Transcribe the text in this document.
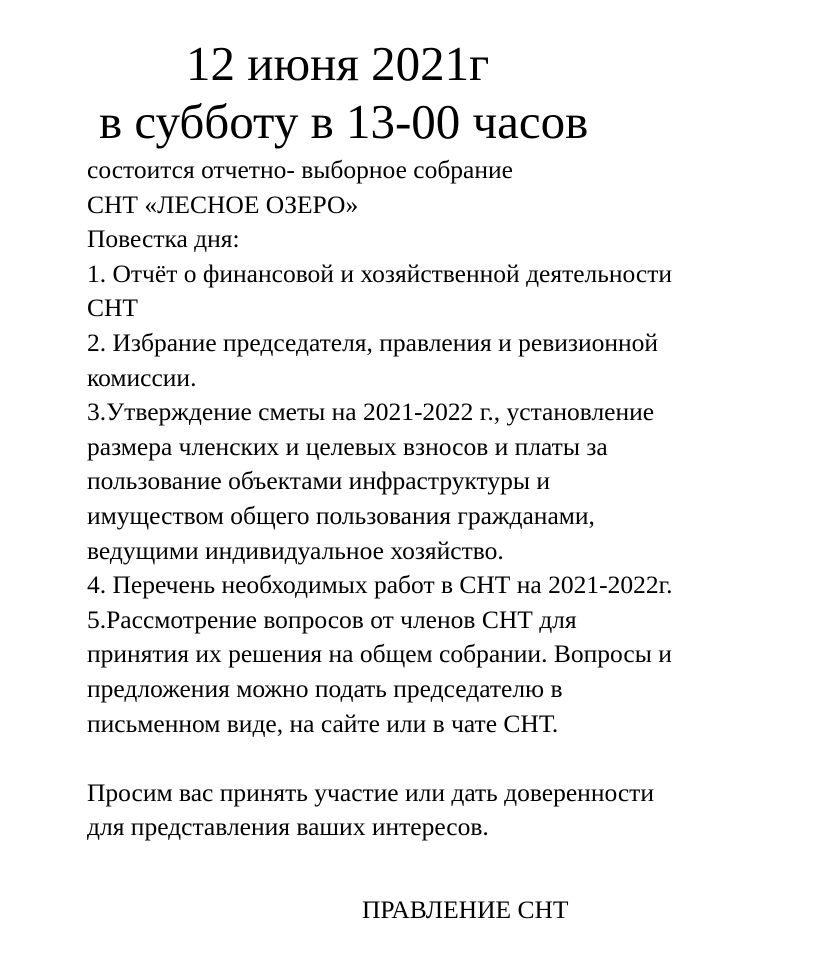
12 июня 2021г
в субботу в 13-00 часов
состоится отчетно- выборное собрание
СНТ «ЛЕСНОЕ ОЗЕРО»
Повестка дня:
1. Отчёт о финансовой и хозяйственной деятельности
СНТ
2. Избрание председателя, правления и ревизионной
комиссии.
3.Утверждение сметы на 2021-2022 г., установление
размера членских и целевых взносов и платы за
пользование объектами инфраструктуры и
имуществом общего пользования гражданами,
ведущими индивидуальное хозяйство.
4. Перечень необходимых работ в СНТ на 2021-2022г.
5.Рассмотрение вопросов от членов СНТ для
принятия их решения на общем собрании. Вопросы и
предложения можно подать председателю в
письменном виде, на сайте или в чате СНТ.
Просим вас принять участие или дать доверенности
для представления ваших интересов.
ПРАВЛЕНИЕ СНТ
